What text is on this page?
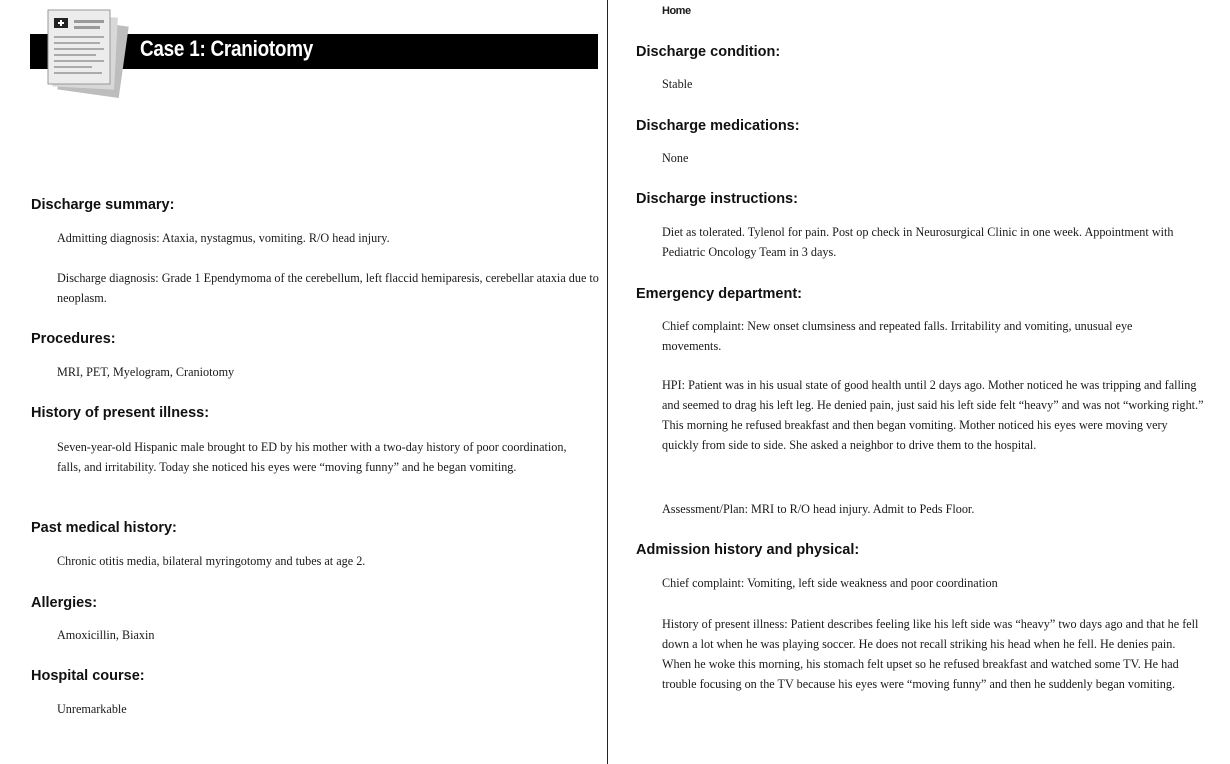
Case 1: Craniotomy
Discharge summary:

Admitting diagnosis: Ataxia, nystagmus, vomiting. R/O head injury.

Discharge diagnosis: Grade 1 Ependymoma of the cerebellum, left flaccid hemiparesis, cerebellar ataxia due to neoplasm.

Procedures:

MRI, PET, Myelogram, Craniotomy

History of present illness:

Seven-year-old Hispanic male brought to ED by his mother with a two-day history of poor coordination, falls, and irritability. Today she noticed his eyes were “moving funny” and he began vomiting.

Past medical history:

Chronic otitis media, bilateral myringotomy and tubes at age 2.

Allergies:

Amoxicillin, Biaxin

Hospital course:

Unremarkable

Home
Discharge condition:

Stable

Discharge medications:

None

Discharge instructions:

Diet as tolerated. Tylenol for pain. Post op check in Neurosurgical Clinic in one week. Appointment with Pediatric Oncology Team in 3 days.

Emergency department:

Chief complaint: New onset clumsiness and repeated falls. Irritability and vomiting, unusual eye movements.

HPI: Patient was in his usual state of good health until 2 days ago. Mother noticed he was tripping and falling and seemed to drag his left leg. He denied pain, just said his left side felt “heavy” and was not “working right.” This morning he refused breakfast and then began vomiting. Mother noticed his eyes were moving very quickly from side to side. She asked a neighbor to drive them to the hospital.

Assessment/Plan: MRI to R/O head injury. Admit to Peds Floor.

Admission history and physical:

Chief complaint: Vomiting, left side weakness and poor coordination

History of present illness: Patient describes feeling like his left side was “heavy” two days ago and that he fell down a lot when he was playing soccer. He does not recall striking his head when he fell. He denies pain. When he woke this morning, his stomach felt upset so he refused breakfast and watched some TV. He had trouble focusing on the TV because his eyes were “moving funny” and then he suddenly began vomiting.
